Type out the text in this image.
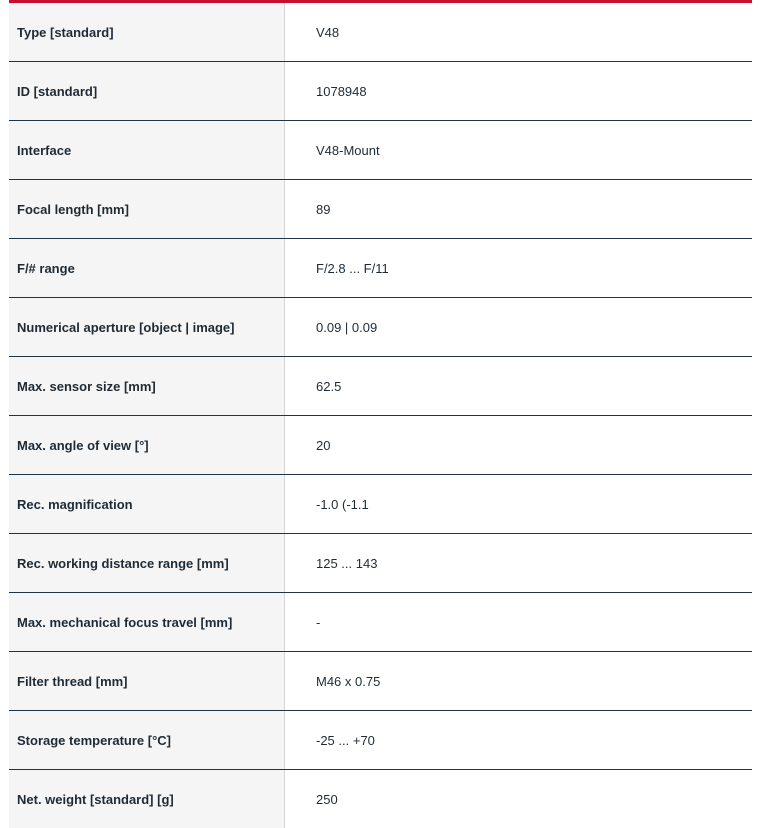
Type [standard]	V48
ID [standard]	1078948
Interface	V48-Mount
Focal length [mm]	89
F/# range	F/2.8 ... F/11
Numerical aperture [object | image]	0.09 | 0.09
Max. sensor size [mm]	62.5
Max. angle of view [°]	20
Rec. magnification	-1.0 (-1.1
Rec. working distance range [mm]	125 ... 143
Max. mechanical focus travel [mm]	-
Filter thread [mm]	M46 x 0.75
Storage temperature [°C]	-25 ... +70
Net. weight [standard] [g]	250
